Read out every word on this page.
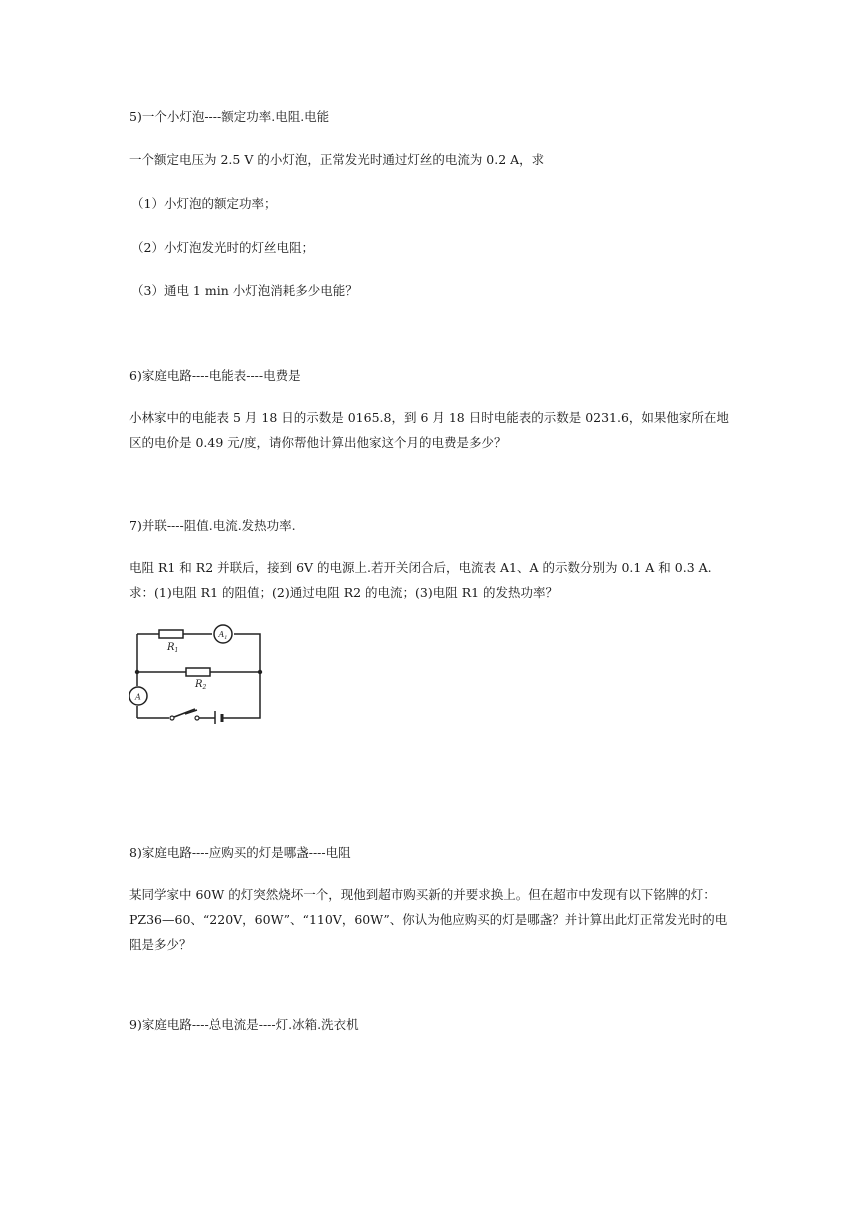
5)一个小灯泡----额定功率.电阻.电能
一个额定电压为 2.5 V 的小灯泡，正常发光时通过灯丝的电流为 0.2 A，求
（1）小灯泡的额定功率；
（2）小灯泡发光时的灯丝电阻；
（3）通电 1 min 小灯泡消耗多少电能？
6)家庭电路----电能表----电费是
小林家中的电能表 5 月 18 日的示数是 0165.8，到 6 月 18 日时电能表的示数是 0231.6，如果他家所在地区的电价是 0.49 元/度，请你帮他计算出他家这个月的电费是多少？
7)并联----阻值.电流.发热功率.
电阻 R1 和 R2 并联后，接到 6V 的电源上.若开关闭合后，电流表 A1、A 的示数分别为 0.1 A 和 0.3 A.求：(1)电阻 R1 的阻值；(2)通过电阻 R2 的电流；(3)电阻 R1 的发热功率？
$R_1$
$R_2$
$A_1$
A
8)家庭电路----应购买的灯是哪盏----电阻
某同学家中 60W 的灯突然烧坏一个，现他到超市购买新的并要求换上。但在超市中发现有以下铭牌的灯：PZ36—60、“220V，60W”、“110V，60W”、你认为他应购买的灯是哪盏？并计算出此灯正常发光时的电阻是多少？
9)家庭电路----总电流是----灯.冰箱.洗衣机
